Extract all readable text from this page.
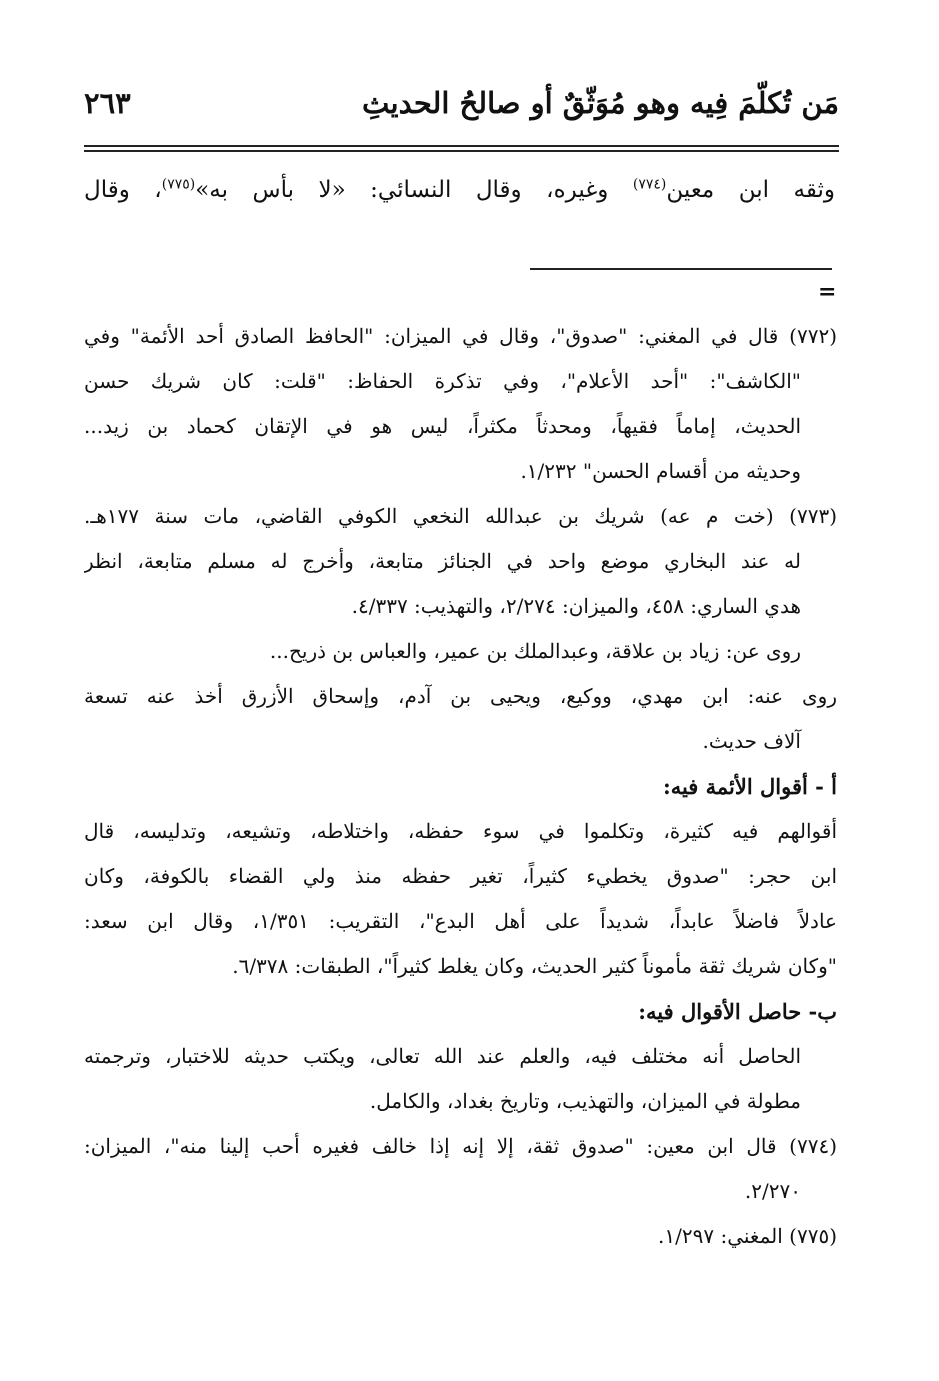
مَن تُكلّمَ فِيه وهو مُوَثّقٌ أو صالحُ الحديثِ
٢٦٣
وثقه ابن معين$^{(٧٧٤)}$ وغيره، وقال النسائي: «لا بأس به»$^{(٧٧٥)}$، وقال
=
(٧٧٢) قال في المغني: "صدوق"، وقال في الميزان: "الحافظ الصادق أحد الأئمة" وفي
"الكاشف": "أحد الأعلام"، وفي تذكرة الحفاظ: "قلت: كان شريك حسن
الحديث، إماماً فقيهاً، ومحدثاً مكثراً، ليس هو في الإتقان كحماد بن زيد...
وحديثه من أقسام الحسن" ١/٢٣٢.
(٧٧٣) (خت م عه) شريك بن عبدالله النخعي الكوفي القاضي، مات سنة ١٧٧هـ.
له عند البخاري موضع واحد في الجنائز متابعة، وأخرج له مسلم متابعة، انظر
هدي الساري: ٤٥٨، والميزان: ٢/٢٧٤، والتهذيب: ٤/٣٣٧.
روى عن: زياد بن علاقة، وعبدالملك بن عمير، والعباس بن ذريح...
روى عنه: ابن مهدي، ووكيع، ويحيى بن آدم، وإسحاق الأزرق أخذ عنه تسعة
آلاف حديث.
أ - أقوال الأئمة فيه:
أقوالهم فيه كثيرة، وتكلموا في سوء حفظه، واختلاطه، وتشيعه، وتدليسه، قال
ابن حجر: "صدوق يخطيء كثيراً، تغير حفظه منذ ولي القضاء بالكوفة، وكان
عادلاً فاضلاً عابداً، شديداً على أهل البدع"، التقريب: ١/٣٥١، وقال ابن سعد:
"وكان شريك ثقة مأموناً كثير الحديث، وكان يغلط كثيراً"، الطبقات: ٦/٣٧٨.
ب- حاصل الأقوال فيه:
الحاصل أنه مختلف فيه، والعلم عند الله تعالى، ويكتب حديثه للاختبار، وترجمته
مطولة في الميزان، والتهذيب، وتاريخ بغداد، والكامل.
(٧٧٤) قال ابن معين: "صدوق ثقة، إلا إنه إذا خالف فغيره أحب إلينا منه"، الميزان:
٢/٢٧٠.
(٧٧٥) المغني: ١/٢٩٧.
